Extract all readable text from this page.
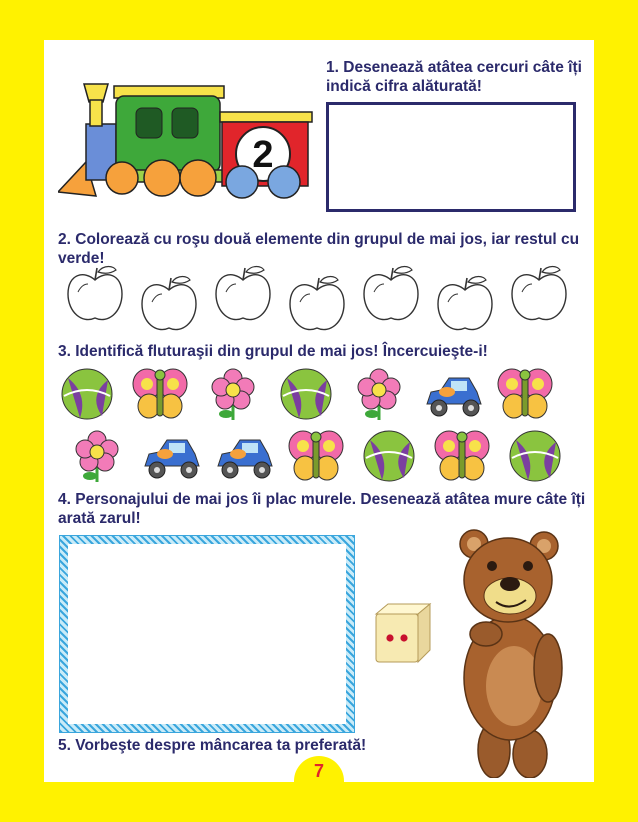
1. Desenează atâtea cercuri câte îți indică cifra alăturată!

2

2. Colorează cu roşu două elemente din grupul de mai jos, iar restul cu verde!

3. Identifică fluturaşii din grupul de mai jos! Încercuieşte-i!

4. Personajului de mai jos îi plac murele. Desenează atâtea mure câte îți arată zarul!

5. Vorbeşte despre mâncarea ta preferată!

7
